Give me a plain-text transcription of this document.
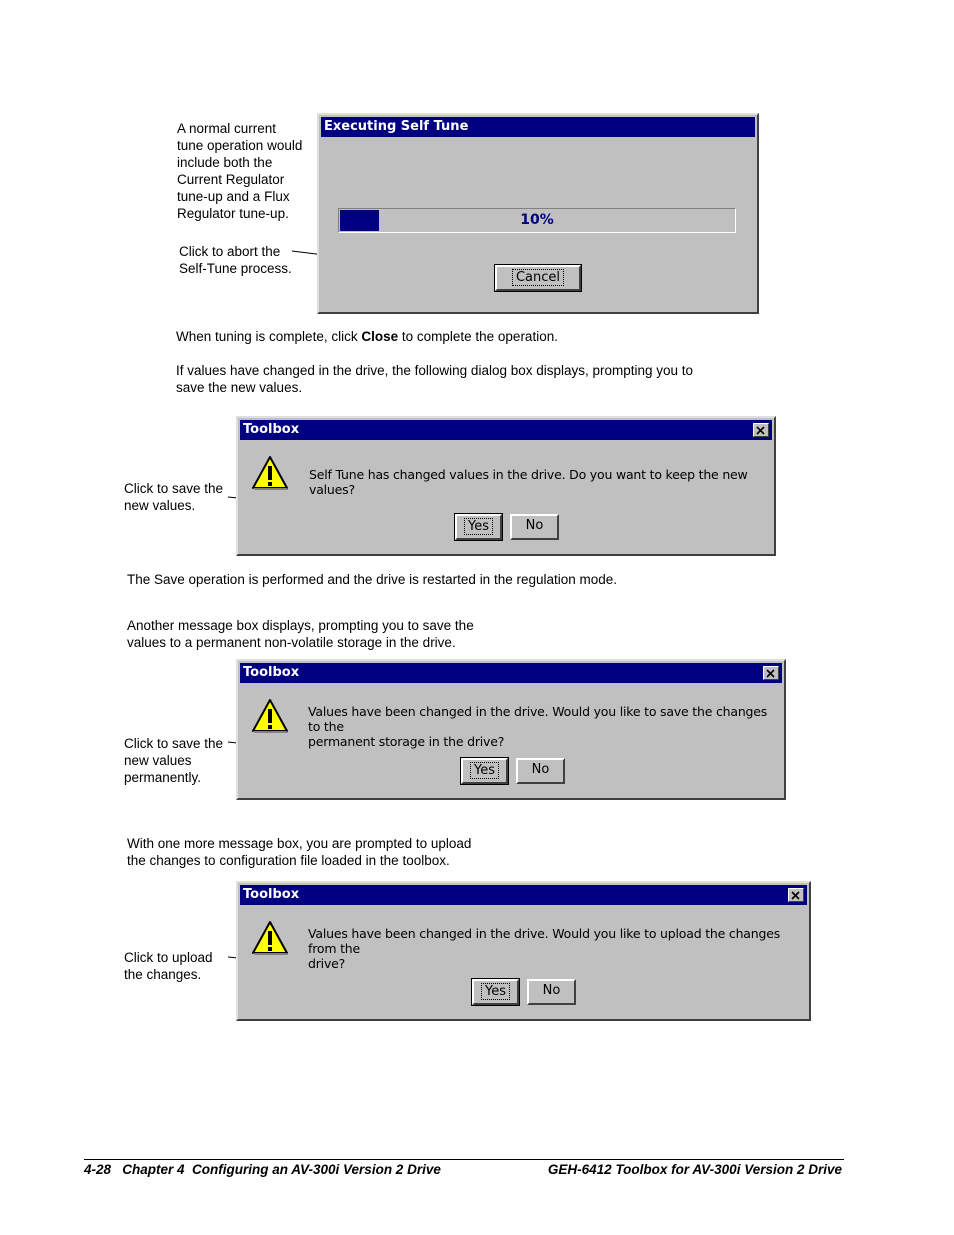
A normal current
tune operation would
include both the
Current Regulator
tune-up and a Flux
Regulator tune-up.
Click to abort the
Self-Tune process.
Executing Self Tune
10%
Cancel
When tuning is complete, click Close to complete the operation.
If values have changed in the drive, the following dialog box displays, prompting you to
save the new values.
Toolbox
Self Tune has changed values in the drive. Do you want to keep the new values?
Yes	No
Click to save the
new values.
The Save operation is performed and the drive is restarted in the regulation mode.
Another message box displays, prompting you to save the
values to a permanent non-volatile storage in the drive.
Toolbox
Values have been changed in the drive. Would you like to save the changes to the
permanent storage in the drive?
Yes	No
Click to save the
new values
permanently.
With one more message box, you are prompted to upload
the changes to configuration file loaded in the toolbox.
Toolbox
Values have been changed in the drive. Would you like to upload the changes from the
drive?
Yes	No
Click to upload
the changes.
4-28   Chapter 4  Configuring an AV-300i Version 2 Drive	GEH-6412 Toolbox for AV-300i Version 2 Drive
